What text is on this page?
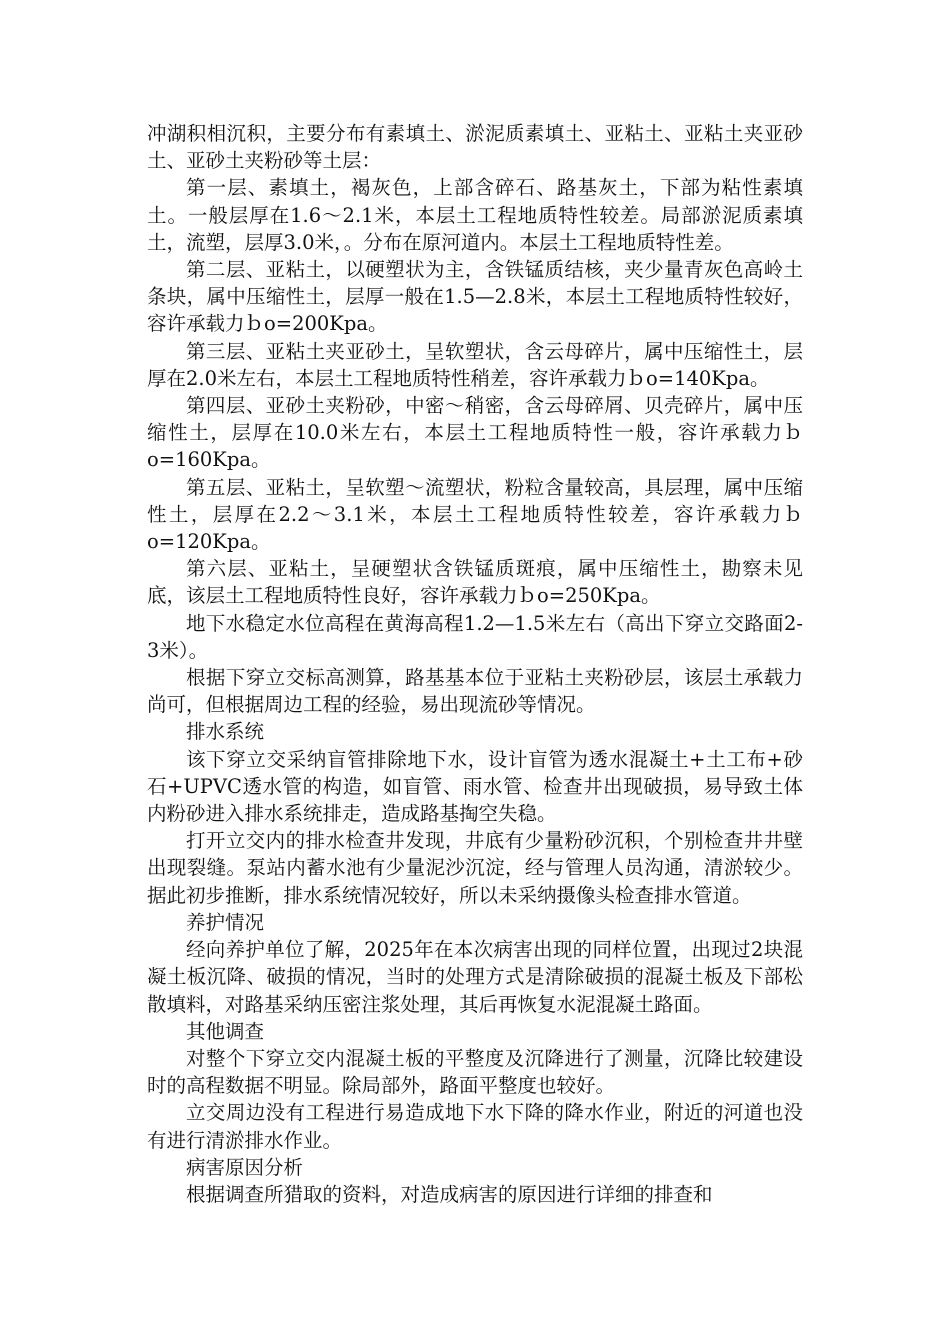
冲湖积相沉积，主要分布有素填土、淤泥质素填土、亚粘土、亚粘土夹亚砂土、亚砂土夹粉砂等土层：

第一层、素填土，褐灰色，上部含碎石、路基灰土，下部为粘性素填土。一般层厚在1.6～2.1米，本层土工程地质特性较差。局部淤泥质素填土，流塑，层厚3.0米，。分布在原河道内。本层土工程地质特性差。

第二层、亚粘土，以硬塑状为主，含铁锰质结核，夹少量青灰色高岭土条块，属中压缩性土，层厚一般在1.5—2.8米，本层土工程地质特性较好，容许承载力ｂo=200Kpa。

第三层、亚粘土夹亚砂土，呈软塑状，含云母碎片，属中压缩性土，层厚在2.0米左右，本层土工程地质特性稍差，容许承载力ｂo=140Kpa。

第四层、亚砂土夹粉砂，中密～稍密，含云母碎屑、贝壳碎片，属中压缩性土，层厚在10.0米左右，本层土工程地质特性一般，容许承载力ｂo=160Kpa。

第五层、亚粘土，呈软塑～流塑状，粉粒含量较高，具层理，属中压缩性土，层厚在2.2～3.1米，本层土工程地质特性较差，容许承载力ｂo=120Kpa。

第六层、亚粘土，呈硬塑状含铁锰质斑痕，属中压缩性土，勘察未见底，该层土工程地质特性良好，容许承载力ｂo=250Kpa。

地下水稳定水位高程在黄海高程1.2—1.5米左右（高出下穿立交路面2-3米）。

根据下穿立交标高测算，路基基本位于亚粘土夹粉砂层，该层土承载力尚可，但根据周边工程的经验，易出现流砂等情况。

排水系统

该下穿立交采纳盲管排除地下水，设计盲管为透水混凝土+土工布+砂石+UPVC透水管的构造，如盲管、雨水管、检查井出现破损，易导致土体内粉砂进入排水系统排走，造成路基掏空失稳。

打开立交内的排水检查井发现，井底有少量粉砂沉积，个别检查井井壁出现裂缝。泵站内蓄水池有少量泥沙沉淀，经与管理人员沟通，清淤较少。据此初步推断，排水系统情况较好，所以未采纳摄像头检查排水管道。

养护情况

经向养护单位了解，2025年在本次病害出现的同样位置，出现过2块混凝土板沉降、破损的情况，当时的处理方式是清除破损的混凝土板及下部松散填料，对路基采纳压密注浆处理，其后再恢复水泥混凝土路面。

其他调查

对整个下穿立交内混凝土板的平整度及沉降进行了测量，沉降比较建设时的高程数据不明显。除局部外，路面平整度也较好。

立交周边没有工程进行易造成地下水下降的降水作业，附近的河道也没有进行清淤排水作业。

病害原因分析

根据调查所猎取的资料，对造成病害的原因进行详细的排查和
